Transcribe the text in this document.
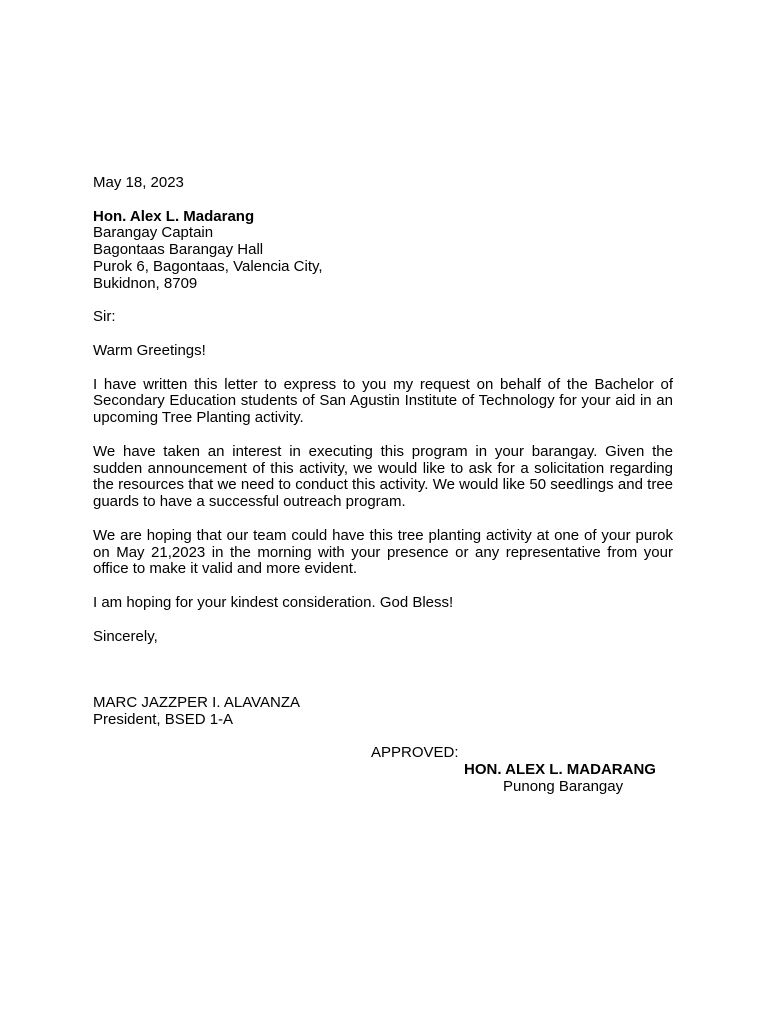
May 18, 2023
Hon. Alex L. Madarang
Barangay Captain
Bagontaas Barangay Hall
Purok 6, Bagontaas, Valencia City,
Bukidnon, 8709
Sir:
Warm Greetings!

I have written this letter to express to you my request on behalf of the Bachelor of Secondary Education students of San Agustin Institute of Technology for your aid in an upcoming Tree Planting activity.

We have taken an interest in executing this program in your barangay. Given the sudden announcement of this activity, we would like to ask for a solicitation regarding the resources that we need to conduct this activity. We would like 50 seedlings and tree guards to have a successful outreach program.

We are hoping that our team could have this tree planting activity at one of your purok on May 21,2023 in the morning with your presence or any representative from your office to make it valid and more evident.

I am hoping for your kindest consideration. God Bless!
Sincerely,
MARC JAZZPER I. ALAVANZA
President, BSED 1-A
APPROVED:
HON. ALEX L. MADARANG
Punong Barangay
